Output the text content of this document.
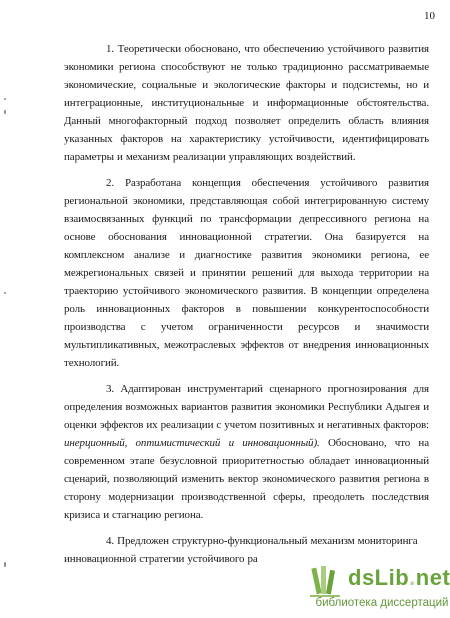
10

1. Теоретически обосновано, что обеспечению устойчивого развития экономики региона способствуют не только традиционно рассматриваемые экономические, социальные и экологические факторы и подсистемы, но и интеграционные, институциональные и информационные обстоятельства. Данный многофакторный подход позволяет определить область влияния указанных факторов на характеристику устойчивости, идентифицировать параметры и механизм реализации управляющих воздействий.

2. Разработана концепция обеспечения устойчивого развития региональной экономики, представляющая собой интегрированную систему взаимосвязанных функций по трансформации депрессивного региона на основе обоснования инновационной стратегии. Она базируется на комплексном анализе и диагностике развития экономики региона, ее межрегиональных связей и принятии решений для выхода территории на траекторию устойчивого экономического развития. В концепции определена роль инновационных факторов в повышении конкурентоспособности производства с учетом ограниченности ресурсов и значимости мультипликативных, межотраслевых эффектов от внедрения инновационных технологий.

3. Адаптирован инструментарий сценарного прогнозирования для определения возможных вариантов развития экономики Республики Адыгея и оценки эффектов их реализации с учетом позитивных и негативных факторов: инерционный, оптимистический и инновационный). Обосновано, что на современном этапе безусловной приоритетностью обладает инновационный сценарий, позволяющий изменить вектор экономического развития региона в сторону модернизации производственной сферы, преодолеть последствия кризиса и стагнацию региона.

4. Предложен структурно-функциональный механизм мониторинга инновационной стратегии устойчивого ра

dsLib.net
библиотека диссертаций
